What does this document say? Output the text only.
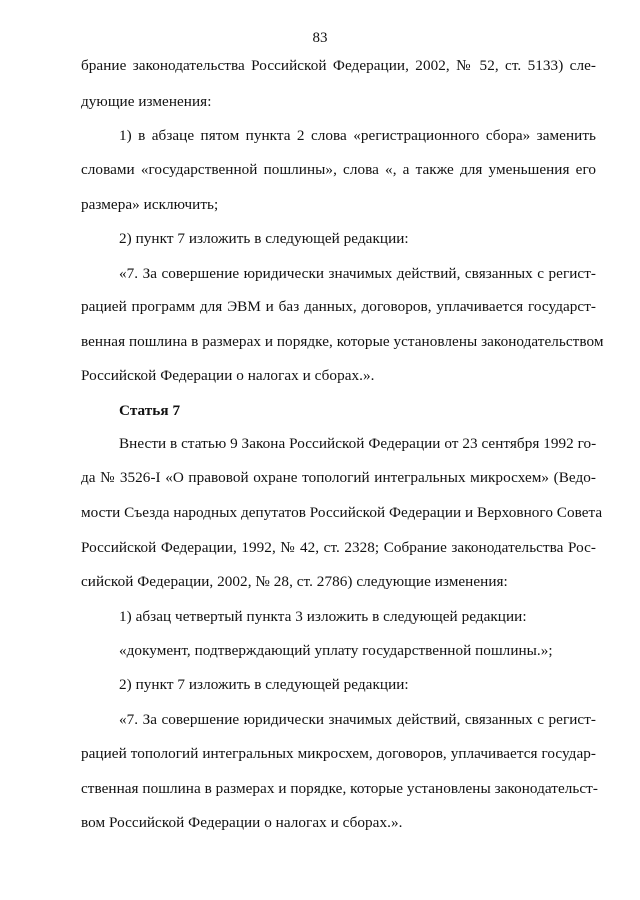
83
брание законодательства Российской Федерации, 2002, № 52, ст. 5133) сле-
дующие изменения:
1) в абзаце пятом пункта 2 слова «регистрационного сбора» заменить
словами «государственной пошлины», слова «, а также для уменьшения его
размера» исключить;
2) пункт 7 изложить в следующей редакции:
«7. За совершение юридически значимых действий, связанных с регист-
рацией программ для ЭВМ и баз данных, договоров, уплачивается государст-
венная пошлина в размерах и порядке, которые установлены законодательством
Российской Федерации о налогах и сборах.».
Статья 7
Внести в статью 9 Закона Российской Федерации от 23 сентября 1992 го-
да № 3526-I «О правовой охране топологий интегральных микросхем» (Ведо-
мости Съезда народных депутатов Российской Федерации и Верховного Совета
Российской Федерации, 1992, № 42, ст. 2328; Собрание законодательства Рос-
сийской Федерации, 2002, № 28, ст. 2786) следующие изменения:
1) абзац четвертый пункта 3 изложить в следующей редакции:
«документ, подтверждающий уплату государственной пошлины.»;
2) пункт 7 изложить в следующей редакции:
«7. За совершение юридически значимых действий, связанных с регист-
рацией топологий интегральных микросхем, договоров, уплачивается государ-
ственная пошлина в размерах и порядке, которые установлены законодательст-
вом Российской Федерации о налогах и сборах.».
